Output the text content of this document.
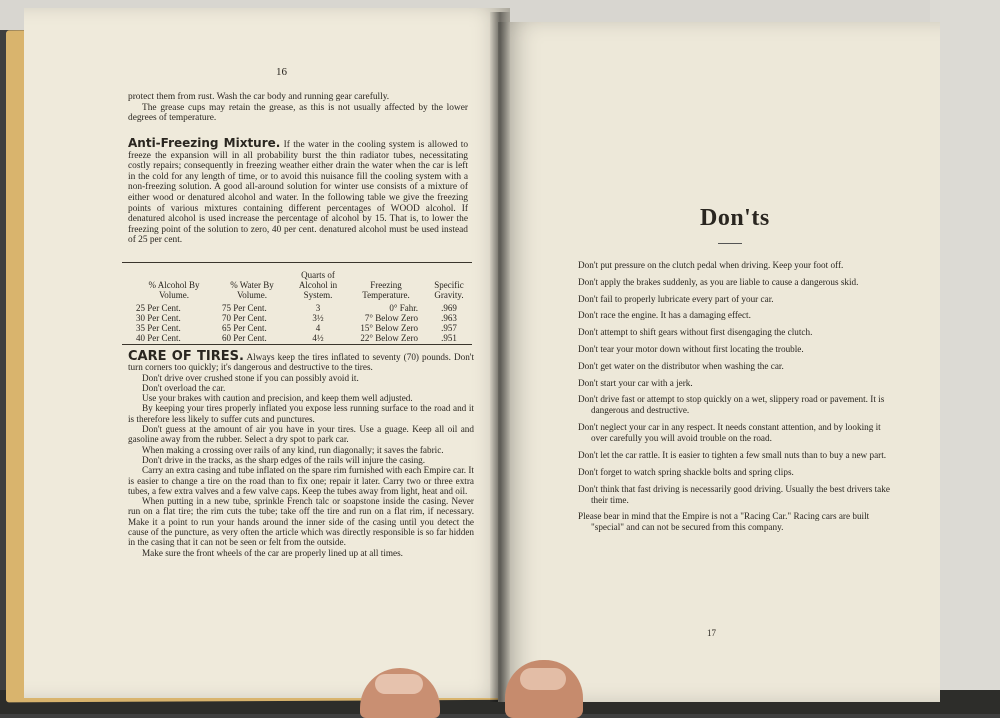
16

protect them from rust. Wash the car body and running gear carefully.

The grease cups may retain the grease, as this is not usually affected by the lower degrees of temperature.

Anti-Freezing Mixture. If the water in the cooling system is allowed to freeze the expansion will in all probability burst the thin radiator tubes, necessitating costly repairs; consequently in freezing weather either drain the water when the car is left in the cold for any length of time, or to avoid this nuisance fill the cooling system with a non-freezing solution. A good all-around solution for winter use consists of a mixture of either wood or denatured alcohol and water. In the following table we give the freezing points of various mixtures containing different percentages of WOOD alcohol. If denatured alcohol is used increase the percentage of alcohol by 15. That is, to lower the freezing point of the solution to zero, 40 per cent. denatured alcohol must be used instead of 25 per cent.

% Alcohol By Volume.	% Water By Volume.	Quarts of Alcohol in System.	Freezing Temperature.	Specific Gravity.
25 Per Cent.	75 Per Cent.	3	0° Fahr.	.969
30 Per Cent.	70 Per Cent.	3½	7° Below Zero	.963
35 Per Cent.	65 Per Cent.	4	15° Below Zero	.957
40 Per Cent.	60 Per Cent.	4½	22° Below Zero	.951

CARE OF TIRES. Always keep the tires inflated to seventy (70) pounds. Don't turn corners too quickly; it's dangerous and destructive to the tires.

Don't drive over crushed stone if you can possibly avoid it.

Don't overload the car.

Use your brakes with caution and precision, and keep them well adjusted.

By keeping your tires properly inflated you expose less running surface to the road and it is therefore less likely to suffer cuts and punctures.

Don't guess at the amount of air you have in your tires. Use a guage. Keep all oil and gasoline away from the rubber. Select a dry spot to park car.

When making a crossing over rails of any kind, run diagonally; it saves the fabric.

Don't drive in the tracks, as the sharp edges of the rails will injure the casing.

Carry an extra casing and tube inflated on the spare rim furnished with each Empire car. It is easier to change a tire on the road than to fix one; repair it later. Carry two or three extra tubes, a few extra valves and a few valve caps. Keep the tubes away from light, heat and oil.

When putting in a new tube, sprinkle French talc or soapstone inside the casing. Never run on a flat tire; the rim cuts the tube; take off the tire and run on a flat rim, if necessary. Make it a point to run your hands around the inner side of the casing until you detect the cause of the puncture, as very often the article which was directly responsible is so far hidden in the casing that it can not be seen or felt from the outside.

Make sure the front wheels of the car are properly lined up at all times.

Don'ts

Don't put pressure on the clutch pedal when driving. Keep your foot off.

Don't apply the brakes suddenly, as you are liable to cause a dangerous skid.

Don't fail to properly lubricate every part of your car.

Don't race the engine. It has a damaging effect.

Don't attempt to shift gears without first disengaging the clutch.

Don't tear your motor down without first locating the trouble.

Don't get water on the distributor when washing the car.

Don't start your car with a jerk.

Don't drive fast or attempt to stop quickly on a wet, slippery road or pavement. It is dangerous and destructive.

Don't neglect your car in any respect. It needs constant attention, and by looking it over carefully you will avoid trouble on the road.

Don't let the car rattle. It is easier to tighten a few small nuts than to buy a new part.

Don't forget to watch spring shackle bolts and spring clips.

Don't think that fast driving is necessarily good driving. Usually the best drivers take their time.

Please bear in mind that the Empire is not a "Racing Car." Racing cars are built "special" and can not be secured from this company.

17
